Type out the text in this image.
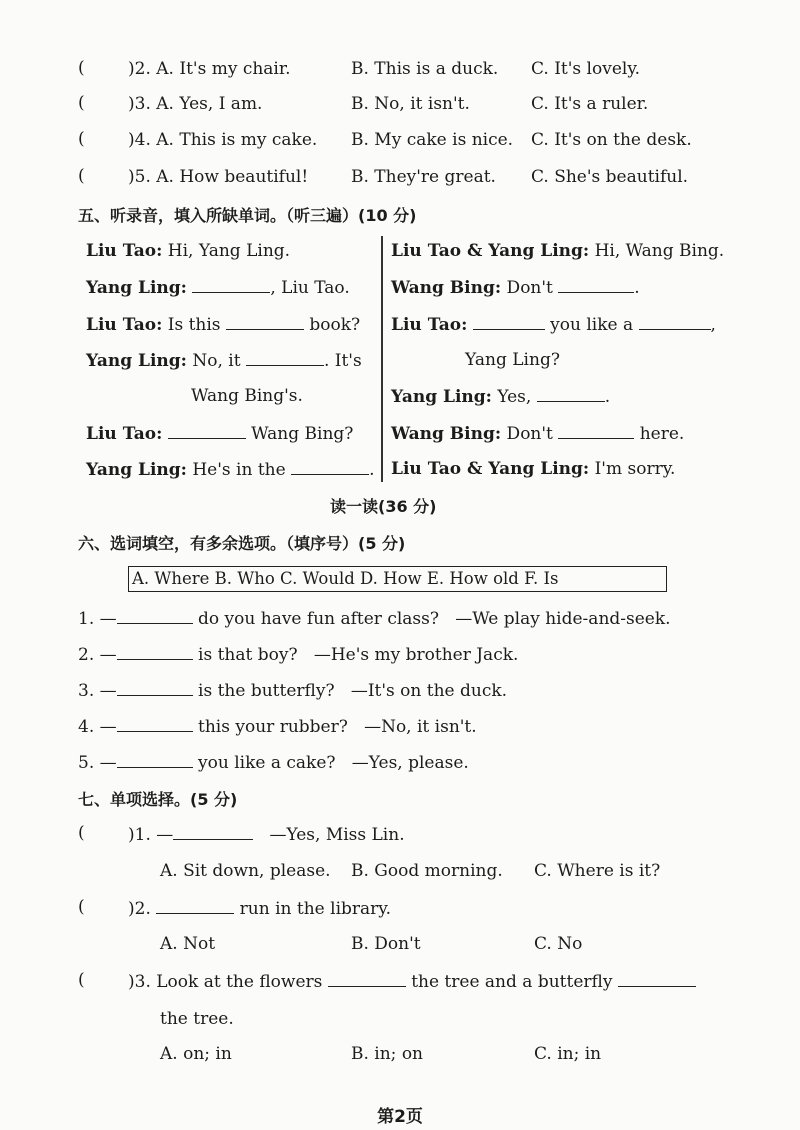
(	)2. A. It's my chair.	B. This is a duck. C. It's lovely.
(	)3. A. Yes, I am.	B. No, it isn't.	C. It's a ruler.
(	)4. A. This is my cake. B. My cake is nice. C. It's on the desk.
(	)5. A. How beautiful!	B. They're great. C. She's beautiful.
五、听录音，填入所缺单词。（听三遍）(10 分)
Liu Tao: Hi, Yang Ling.
Yang Ling:	, Liu Tao.
Liu Tao: Is this	book?
Yang Ling: No, it	. It's
Wang Bing's.
Liu Tao:	Wang Bing?
Yang Ling: He's in the	.
Liu Tao & Yang Ling: Hi, Wang Bing.
Wang Bing: Don't	.
Liu Tao:	you like a	,
Yang Ling?
Yang Ling: Yes,	.
Wang Bing: Don't	here.
Liu Tao & Yang Ling: I'm sorry.
读一读(36 分)
六、选词填空，有多余选项。（填序号）(5 分)
A. Where B. Who C. Would D. How E. How old F. Is
1. —	do you have fun after class? —We play hide-and-seek.
2. —	is that boy? —He's my brother Jack.
3. —	is the butterfly? —It's on the duck.
4. —	this your rubber? —No, it isn't.
5. —	you like a cake? —Yes, please.
七、单项选择。(5 分)
(	)1. —	—Yes, Miss Lin.
A. Sit down, please. B. Good morning. C. Where is it?
(	)2.	run in the library.
A. Not	B. Don't	C. No
(	)3. Look at the flowers	the tree and a butterfly
the tree.
A. on; in	B. in; on	C. in; in
第2页
